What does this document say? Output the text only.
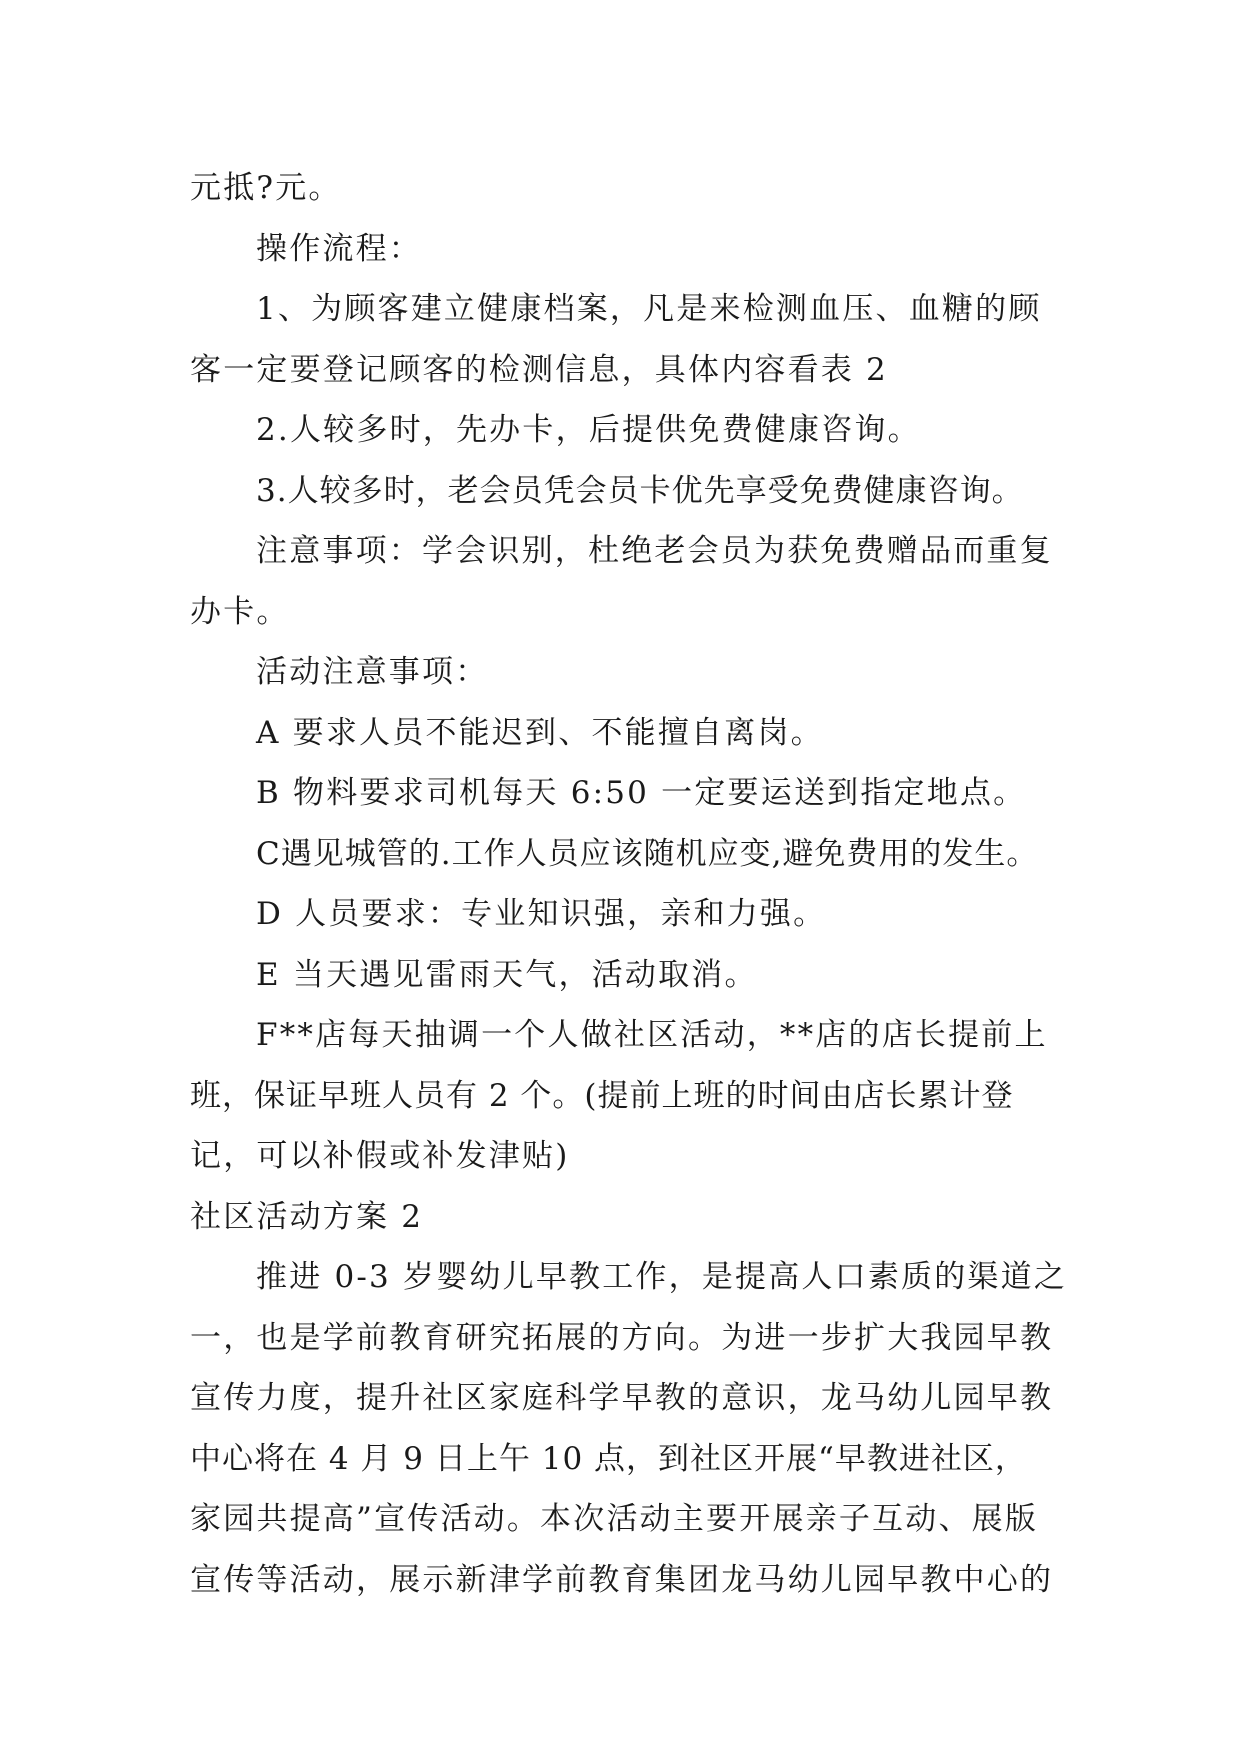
元抵?元。
操作流程：
1、为顾客建立健康档案，凡是来检测血压、血糖的顾
客一定要登记顾客的检测信息，具体内容看表 2
2.人较多时，先办卡，后提供免费健康咨询。
3.人较多时，老会员凭会员卡优先享受免费健康咨询。
注意事项：学会识别，杜绝老会员为获免费赠品而重复
办卡。
活动注意事项：
A 要求人员不能迟到、不能擅自离岗。
B 物料要求司机每天 6:50 一定要运送到指定地点。
C遇见城管的.工作人员应该随机应变,避免费用的发生。
D 人员要求：专业知识强，亲和力强。
E 当天遇见雷雨天气，活动取消。
F**店每天抽调一个人做社区活动，**店的店长提前上
班，保证早班人员有 2 个。(提前上班的时间由店长累计登
记，可以补假或补发津贴)
社区活动方案 2
推进 0-3 岁婴幼儿早教工作，是提高人口素质的渠道之
一，也是学前教育研究拓展的方向。为进一步扩大我园早教
宣传力度，提升社区家庭科学早教的意识，龙马幼儿园早教
中心将在 4 月 9 日上午 10 点，到社区开展“早教进社区，
家园共提高”宣传活动。本次活动主要开展亲子互动、展版
宣传等活动，展示新津学前教育集团龙马幼儿园早教中心的
